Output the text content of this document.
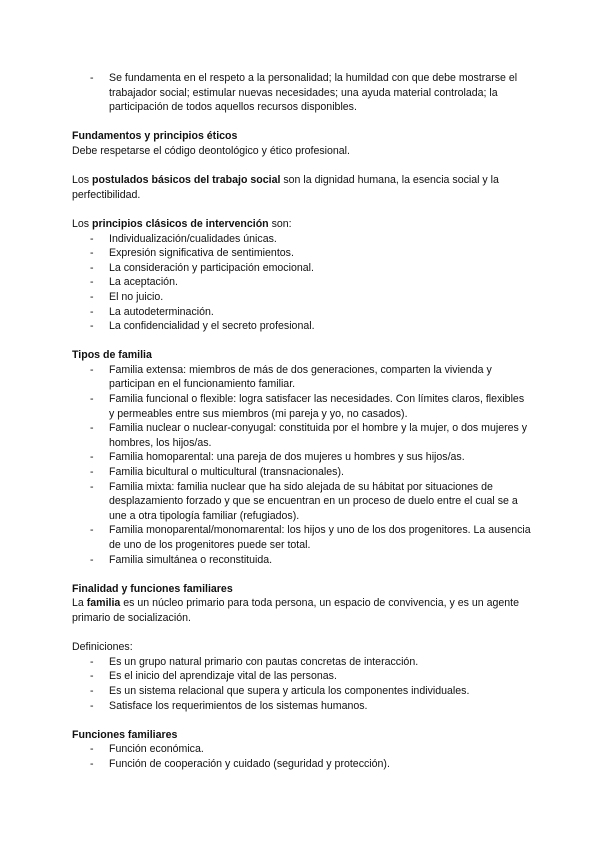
- Se fundamenta en el respeto a la personalidad; la humildad con que debe mostrarse el trabajador social; estimular nuevas necesidades; una ayuda material controlada; la participación de todos aquellos recursos disponibles.

Fundamentos y principios éticos

Debe respetarse el código deontológico y ético profesional.

Los postulados básicos del trabajo social son la dignidad humana, la esencia social y la perfectibilidad.

Los principios clásicos de intervención son:

- Individualización/cualidades únicas.
- Expresión significativa de sentimientos.
- La consideración y participación emocional.
- La aceptación.
- El no juicio.
- La autodeterminación.
- La confidencialidad y el secreto profesional.

Tipos de familia

- Familia extensa: miembros de más de dos generaciones, comparten la vivienda y participan en el funcionamiento familiar.
- Familia funcional o flexible: logra satisfacer las necesidades. Con límites claros, flexibles y permeables entre sus miembros (mi pareja y yo, no casados).
- Familia nuclear o nuclear-conyugal: constituida por el hombre y la mujer, o dos mujeres y hombres, los hijos/as.
- Familia homoparental: una pareja de dos mujeres u hombres y sus hijos/as.
- Familia bicultural o multicultural (transnacionales).
- Familia mixta: familia nuclear que ha sido alejada de su hábitat por situaciones de desplazamiento forzado y que se encuentran en un proceso de duelo entre el cual se a une a otra tipología familiar (refugiados).
- Familia monoparental/monomarental: los hijos y uno de los dos progenitores. La ausencia de uno de los progenitores puede ser total.
- Familia simultánea o reconstituida.

Finalidad y funciones familiares

La familia es un núcleo primario para toda persona, un espacio de convivencia, y es un agente primario de socialización.

Definiciones:

- Es un grupo natural primario con pautas concretas de interacción.
- Es el inicio del aprendizaje vital de las personas.
- Es un sistema relacional que supera y articula los componentes individuales.
- Satisface los requerimientos de los sistemas humanos.

Funciones familiares

- Función económica.
- Función de cooperación y cuidado (seguridad y protección).
